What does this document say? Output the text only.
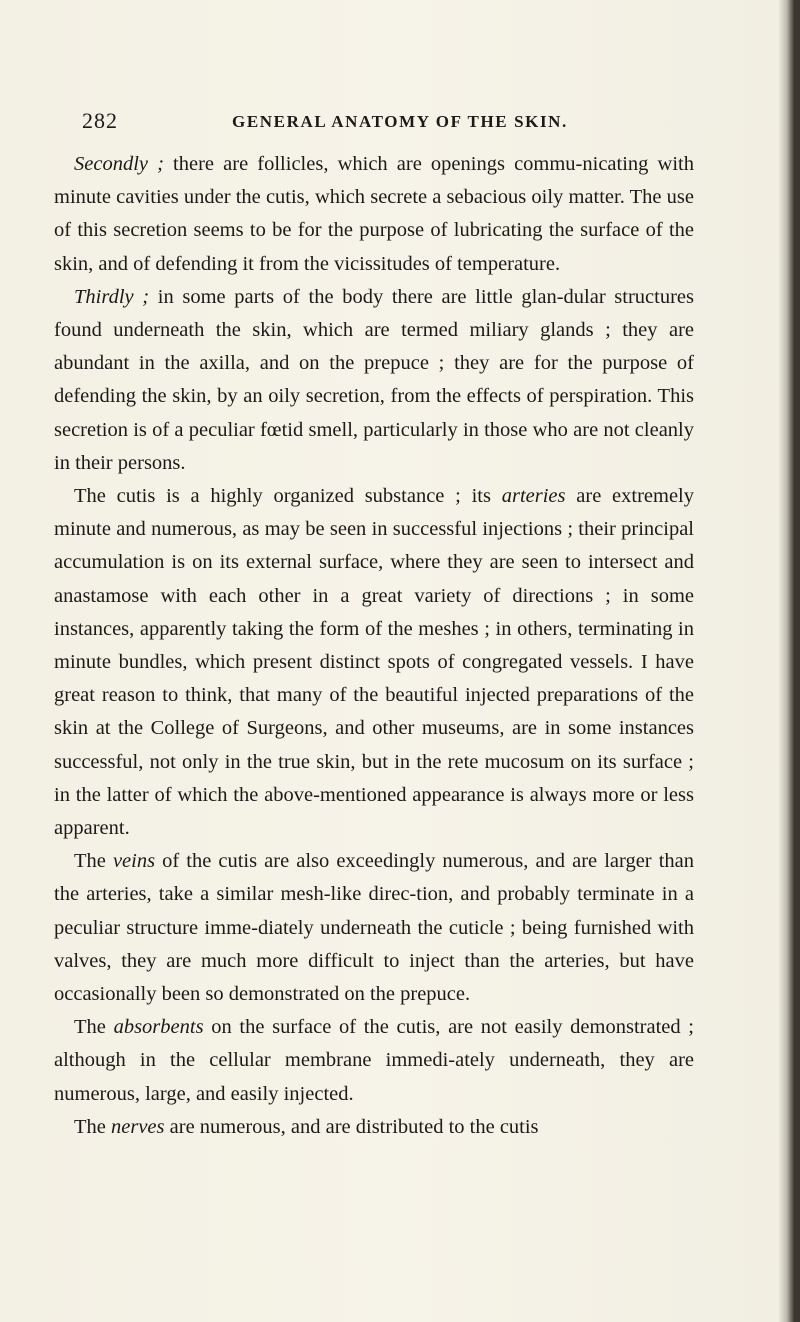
282	GENERAL ANATOMY OF THE SKIN.

Secondly ; there are follicles, which are openings commu-nicating with minute cavities under the cutis, which secrete a sebacious oily matter. The use of this secretion seems to be for the purpose of lubricating the surface of the skin, and of defending it from the vicissitudes of temperature.

Thirdly ; in some parts of the body there are little glan-dular structures found underneath the skin, which are termed miliary glands ; they are abundant in the axilla, and on the prepuce ; they are for the purpose of defending the skin, by an oily secretion, from the effects of perspiration. This secretion is of a peculiar fœtid smell, particularly in those who are not cleanly in their persons.

The cutis is a highly organized substance ; its arteries are extremely minute and numerous, as may be seen in successful injections ; their principal accumulation is on its external surface, where they are seen to intersect and anastamose with each other in a great variety of directions ; in some instances, apparently taking the form of the meshes ; in others, terminating in minute bundles, which present distinct spots of congregated vessels. I have great reason to think, that many of the beautiful injected preparations of the skin at the College of Surgeons, and other museums, are in some instances successful, not only in the true skin, but in the rete mucosum on its surface ; in the latter of which the above-mentioned appearance is always more or less apparent.

The veins of the cutis are also exceedingly numerous, and are larger than the arteries, take a similar mesh-like direc-tion, and probably terminate in a peculiar structure imme-diately underneath the cuticle ; being furnished with valves, they are much more difficult to inject than the arteries, but have occasionally been so demonstrated on the prepuce.

The absorbents on the surface of the cutis, are not easily demonstrated ; although in the cellular membrane immedi-ately underneath, they are numerous, large, and easily injected.

The nerves are numerous, and are distributed to the cutis
